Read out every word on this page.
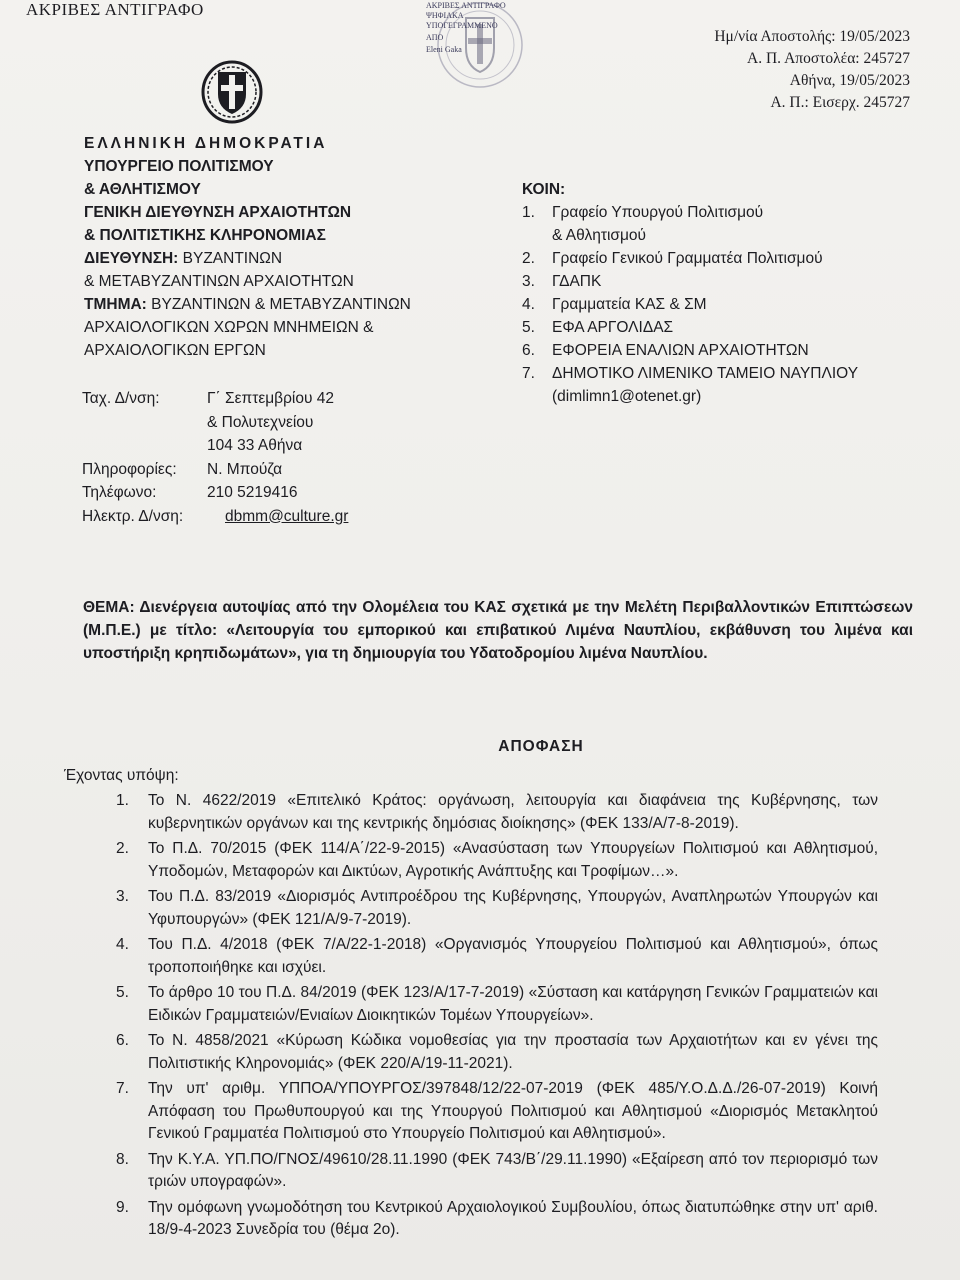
ΑΚΡΙΒΕΣ ΑΝΤΙΓΡΑΦΟ	ΑΚΡΙΒΕΣ ΑΝΤΙΓΡΑΦΟ
ΨΗΦΙΑΚΑ
ΥΠΟΓΕΓΡΑΜΜΕΝΟ
ΑΠΟ
Eleni Gaka
Ημ/νία Αποστολής: 19/05/2023
Α. Π. Αποστολέα: 245727
Αθήνα, 19/05/2023
Α. Π.: Εισερχ. 245727
ΕΛΛΗΝΙΚΗ ΔΗΜΟΚΡΑΤΙΑ
ΥΠΟΥΡΓΕΙΟ ΠΟΛΙΤΙΣΜΟΥ
& ΑΘΛΗΤΙΣΜΟΥ
ΓΕΝΙΚΗ ΔΙΕΥΘΥΝΣΗ ΑΡΧΑΙΟΤΗΤΩΝ
& ΠΟΛΙΤΙΣΤΙΚΗΣ ΚΛΗΡΟΝΟΜΙΑΣ
ΔΙΕΥΘΥΝΣΗ: ΒΥΖΑΝΤΙΝΩΝ
& ΜΕΤΑΒΥΖΑΝΤΙΝΩΝ ΑΡΧΑΙΟΤΗΤΩΝ
ΤΜΗΜΑ: ΒΥΖΑΝΤΙΝΩΝ & ΜΕΤΑΒΥΖΑΝΤΙΝΩΝ
ΑΡΧΑΙΟΛΟΓΙΚΩΝ ΧΩΡΩΝ ΜΝΗΜΕΙΩΝ &
ΑΡΧΑΙΟΛΟΓΙΚΩΝ ΕΡΓΩΝ
ΚΟΙΝ:
1.	Γραφείο Υπουργού Πολιτισμού
& Αθλητισμού
2.	Γραφείο Γενικού Γραμματέα Πολιτισμού
3.	ΓΔΑΠΚ
4.	Γραμματεία ΚΑΣ & ΣΜ
5.	ΕΦΑ ΑΡΓΟΛΙΔΑΣ
6.	ΕΦΟΡΕΙΑ ΕΝΑΛΙΩΝ ΑΡΧΑΙΟΤΗΤΩΝ
7.	ΔΗΜΟΤΙΚΟ ΛΙΜΕΝΙΚΟ ΤΑΜΕΙΟ ΝΑΥΠΛΙΟΥ
(dimlimn1@otenet.gr)
Ταχ. Δ/νση:	Γ΄ Σεπτεμβρίου 42
& Πολυτεχνείου
104 33 Αθήνα
Πληροφορίες:	Ν. Μπούζα
Τηλέφωνο:	210 5219416
Ηλεκτρ. Δ/νση:	dbmm@culture.gr
ΘΕΜΑ: Διενέργεια αυτοψίας από την Ολομέλεια του ΚΑΣ σχετικά με την Μελέτη Περιβαλλοντικών Επιπτώσεων (Μ.Π.Ε.) με τίτλο: «Λειτουργία του εμπορικού και επιβατικού Λιμένα Ναυπλίου, εκβάθυνση του λιμένα και υποστήριξη κρηπιδωμάτων», για τη δημιουργία του Υδατοδρομίου λιμένα Ναυπλίου.
ΑΠΟΦΑΣΗ
Έχοντας υπόψη:
1.	Το Ν. 4622/2019 «Επιτελικό Κράτος: οργάνωση, λειτουργία και διαφάνεια της Κυβέρνησης, των κυβερνητικών οργάνων και της κεντρικής δημόσιας διοίκησης» (ΦΕΚ 133/Α/7-8-2019).
2.	Το Π.Δ. 70/2015 (ΦΕΚ 114/Α΄/22-9-2015) «Ανασύσταση των Υπουργείων Πολιτισμού και Αθλητισμού, Υποδομών, Μεταφορών και Δικτύων, Αγροτικής Ανάπτυξης και Τροφίμων…».
3.	Του Π.Δ. 83/2019 «Διορισμός Αντιπροέδρου της Κυβέρνησης, Υπουργών, Αναπληρωτών Υπουργών και Υφυπουργών» (ΦΕΚ 121/Α/9-7-2019).
4.	Του Π.Δ. 4/2018 (ΦΕΚ 7/Α/22-1-2018) «Οργανισμός Υπουργείου Πολιτισμού και Αθλητισμού», όπως τροποποιήθηκε και ισχύει.
5.	Το άρθρο 10 του Π.Δ. 84/2019 (ΦΕΚ 123/Α/17-7-2019) «Σύσταση και κατάργηση Γενικών Γραμματειών και Ειδικών Γραμματειών/Ενιαίων Διοικητικών Τομέων Υπουργείων».
6.	Το Ν. 4858/2021 «Κύρωση Κώδικα νομοθεσίας για την προστασία των Αρχαιοτήτων και εν γένει της Πολιτιστικής Κληρονομιάς» (ΦΕΚ 220/Α/19-11-2021).
7.	Την υπ' αριθμ. ΥΠΠΟΑ/ΥΠΟΥΡΓΟΣ/397848/12/22-07-2019 (ΦΕΚ 485/Υ.Ο.Δ.Δ./26-07-2019) Κοινή Απόφαση του Πρωθυπουργού και της Υπουργού Πολιτισμού και Αθλητισμού «Διορισμός Μετακλητού Γενικού Γραμματέα Πολιτισμού στο Υπουργείο Πολιτισμού και Αθλητισμού».
8.	Την Κ.Υ.Α. ΥΠ.ΠΟ/ΓΝΟΣ/49610/28.11.1990 (ΦΕΚ 743/Β΄/29.11.1990) «Εξαίρεση από τον περιορισμό των τριών υπογραφών».
9.	Την ομόφωνη γνωμοδότηση του Κεντρικού Αρχαιολογικού Συμβουλίου, όπως διατυπώθηκε στην υπ' αριθ. 18/9-4-2023 Συνεδρία του (θέμα 2ο).
